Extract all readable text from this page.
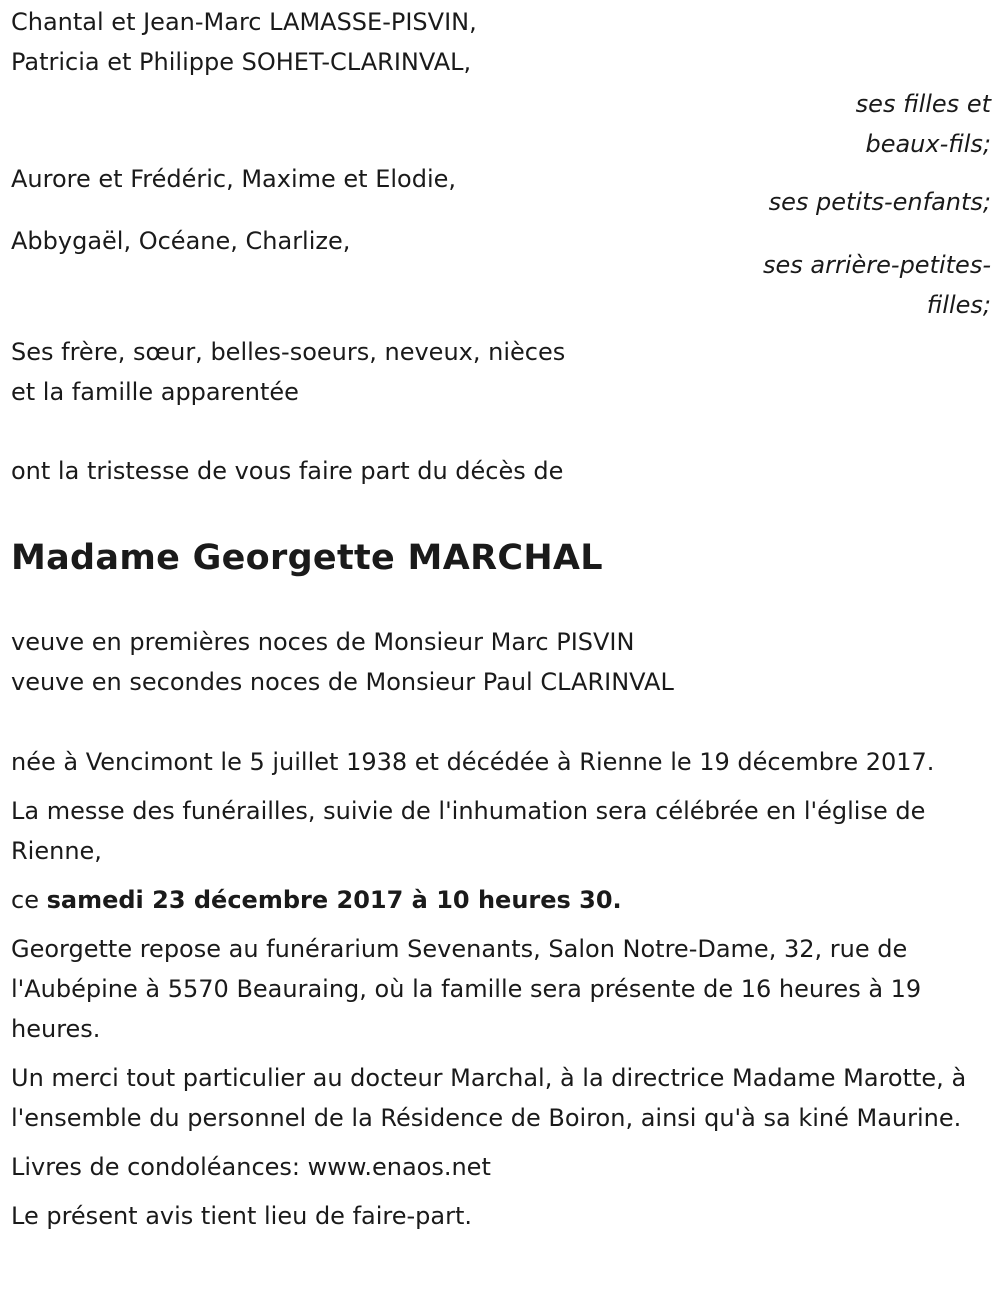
Chantal et Jean-Marc LAMASSE-PISVIN,
Patricia et Philippe SOHET-CLARINVAL,
ses filles et
beaux-fils;
Aurore et Frédéric, Maxime et Elodie,
ses petits-enfants;
Abbygaël, Océane, Charlize,
ses arrière-petites-
filles;
Ses frère, sœur, belles-soeurs, neveux, nièces
et la famille apparentée
ont la tristesse de vous faire part du décès de
Madame Georgette MARCHAL
veuve en premières noces de Monsieur Marc PISVIN
veuve en secondes noces de Monsieur Paul CLARINVAL
née à Vencimont le 5 juillet 1938 et décédée à Rienne le 19 décembre 2017.
La messe des funérailles, suivie de l'inhumation sera célébrée en l'église de Rienne,
ce samedi 23 décembre 2017 à 10 heures 30.
Georgette repose au funérarium Sevenants, Salon Notre-Dame, 32, rue de l'Aubépine à 5570 Beauraing, où la famille sera présente de 16 heures à 19 heures.
Un merci tout particulier au docteur Marchal, à la directrice Madame Marotte, à l'ensemble du personnel de la Résidence de Boiron, ainsi qu'à sa kiné Maurine.
Livres de condoléances: www.enaos.net
Le présent avis tient lieu de faire-part.
